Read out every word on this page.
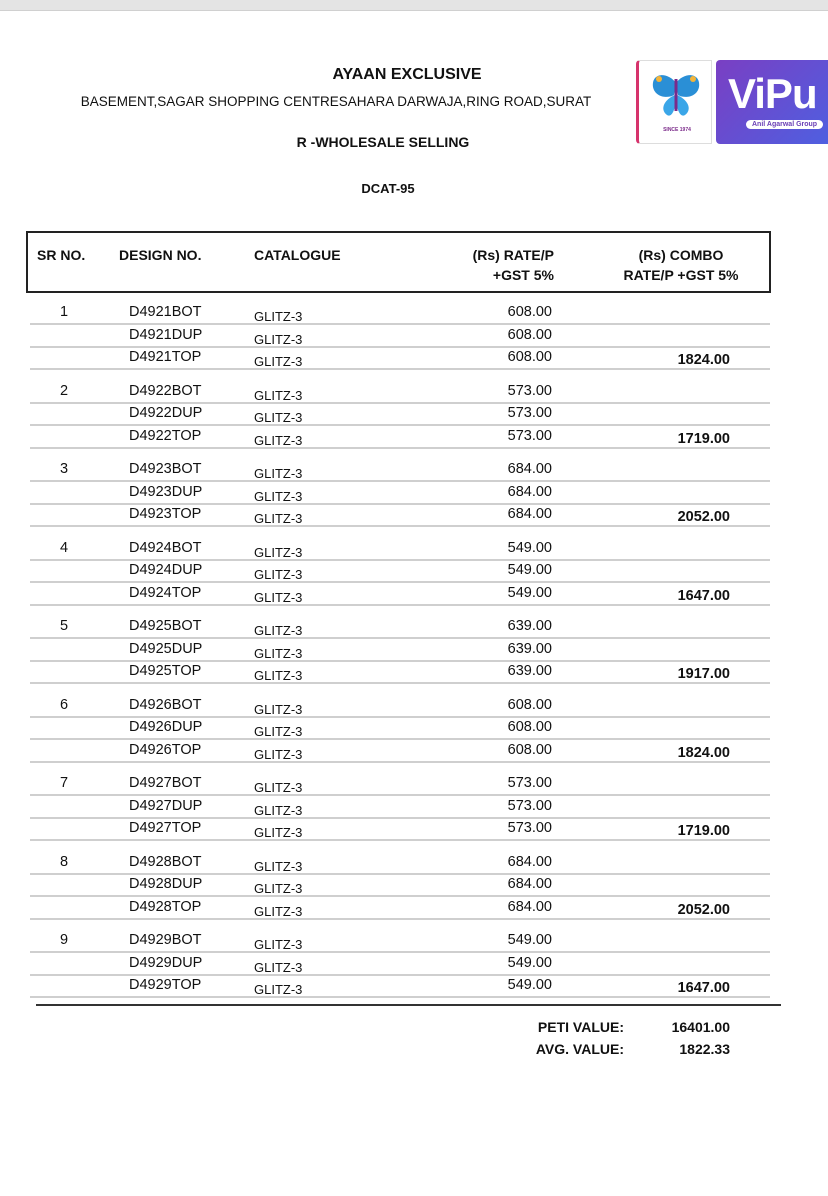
AYAAN EXCLUSIVE
BASEMENT,SAGAR SHOPPING CENTRESAHARA DARWAJA,RING ROAD,SURAT
R -WHOLESALE SELLING
DCAT-95
SINCE 1974
ViPu
Anil Agarwal Group
SR NO. DESIGN NO.	CATALOGUE	(Rs) RATE/P
+GST 5%
(Rs) COMBO
RATE/P +GST 5%
1	D4921BOT	GLITZ-3	608.00
D4921DUP	GLITZ-3	608.00
D4921TOP	GLITZ-3	608.00	1824.00
2	D4922BOT	GLITZ-3	573.00
D4922DUP	GLITZ-3	573.00
D4922TOP	GLITZ-3	573.00	1719.00
3	D4923BOT	GLITZ-3	684.00
D4923DUP	GLITZ-3	684.00
D4923TOP	GLITZ-3	684.00	2052.00
4	D4924BOT	GLITZ-3	549.00
D4924DUP	GLITZ-3	549.00
D4924TOP	GLITZ-3	549.00	1647.00
5	D4925BOT	GLITZ-3	639.00
D4925DUP	GLITZ-3	639.00
D4925TOP	GLITZ-3	639.00	1917.00
6	D4926BOT	GLITZ-3	608.00
D4926DUP	GLITZ-3	608.00
D4926TOP	GLITZ-3	608.00	1824.00
7	D4927BOT	GLITZ-3	573.00
D4927DUP	GLITZ-3	573.00
D4927TOP	GLITZ-3	573.00	1719.00
8	D4928BOT	GLITZ-3	684.00
D4928DUP	GLITZ-3	684.00
D4928TOP	GLITZ-3	684.00	2052.00
9	D4929BOT	GLITZ-3	549.00
D4929DUP	GLITZ-3	549.00
D4929TOP	GLITZ-3	549.00	1647.00
PETI VALUE:	16401.00
AVG. VALUE:	1822.33
